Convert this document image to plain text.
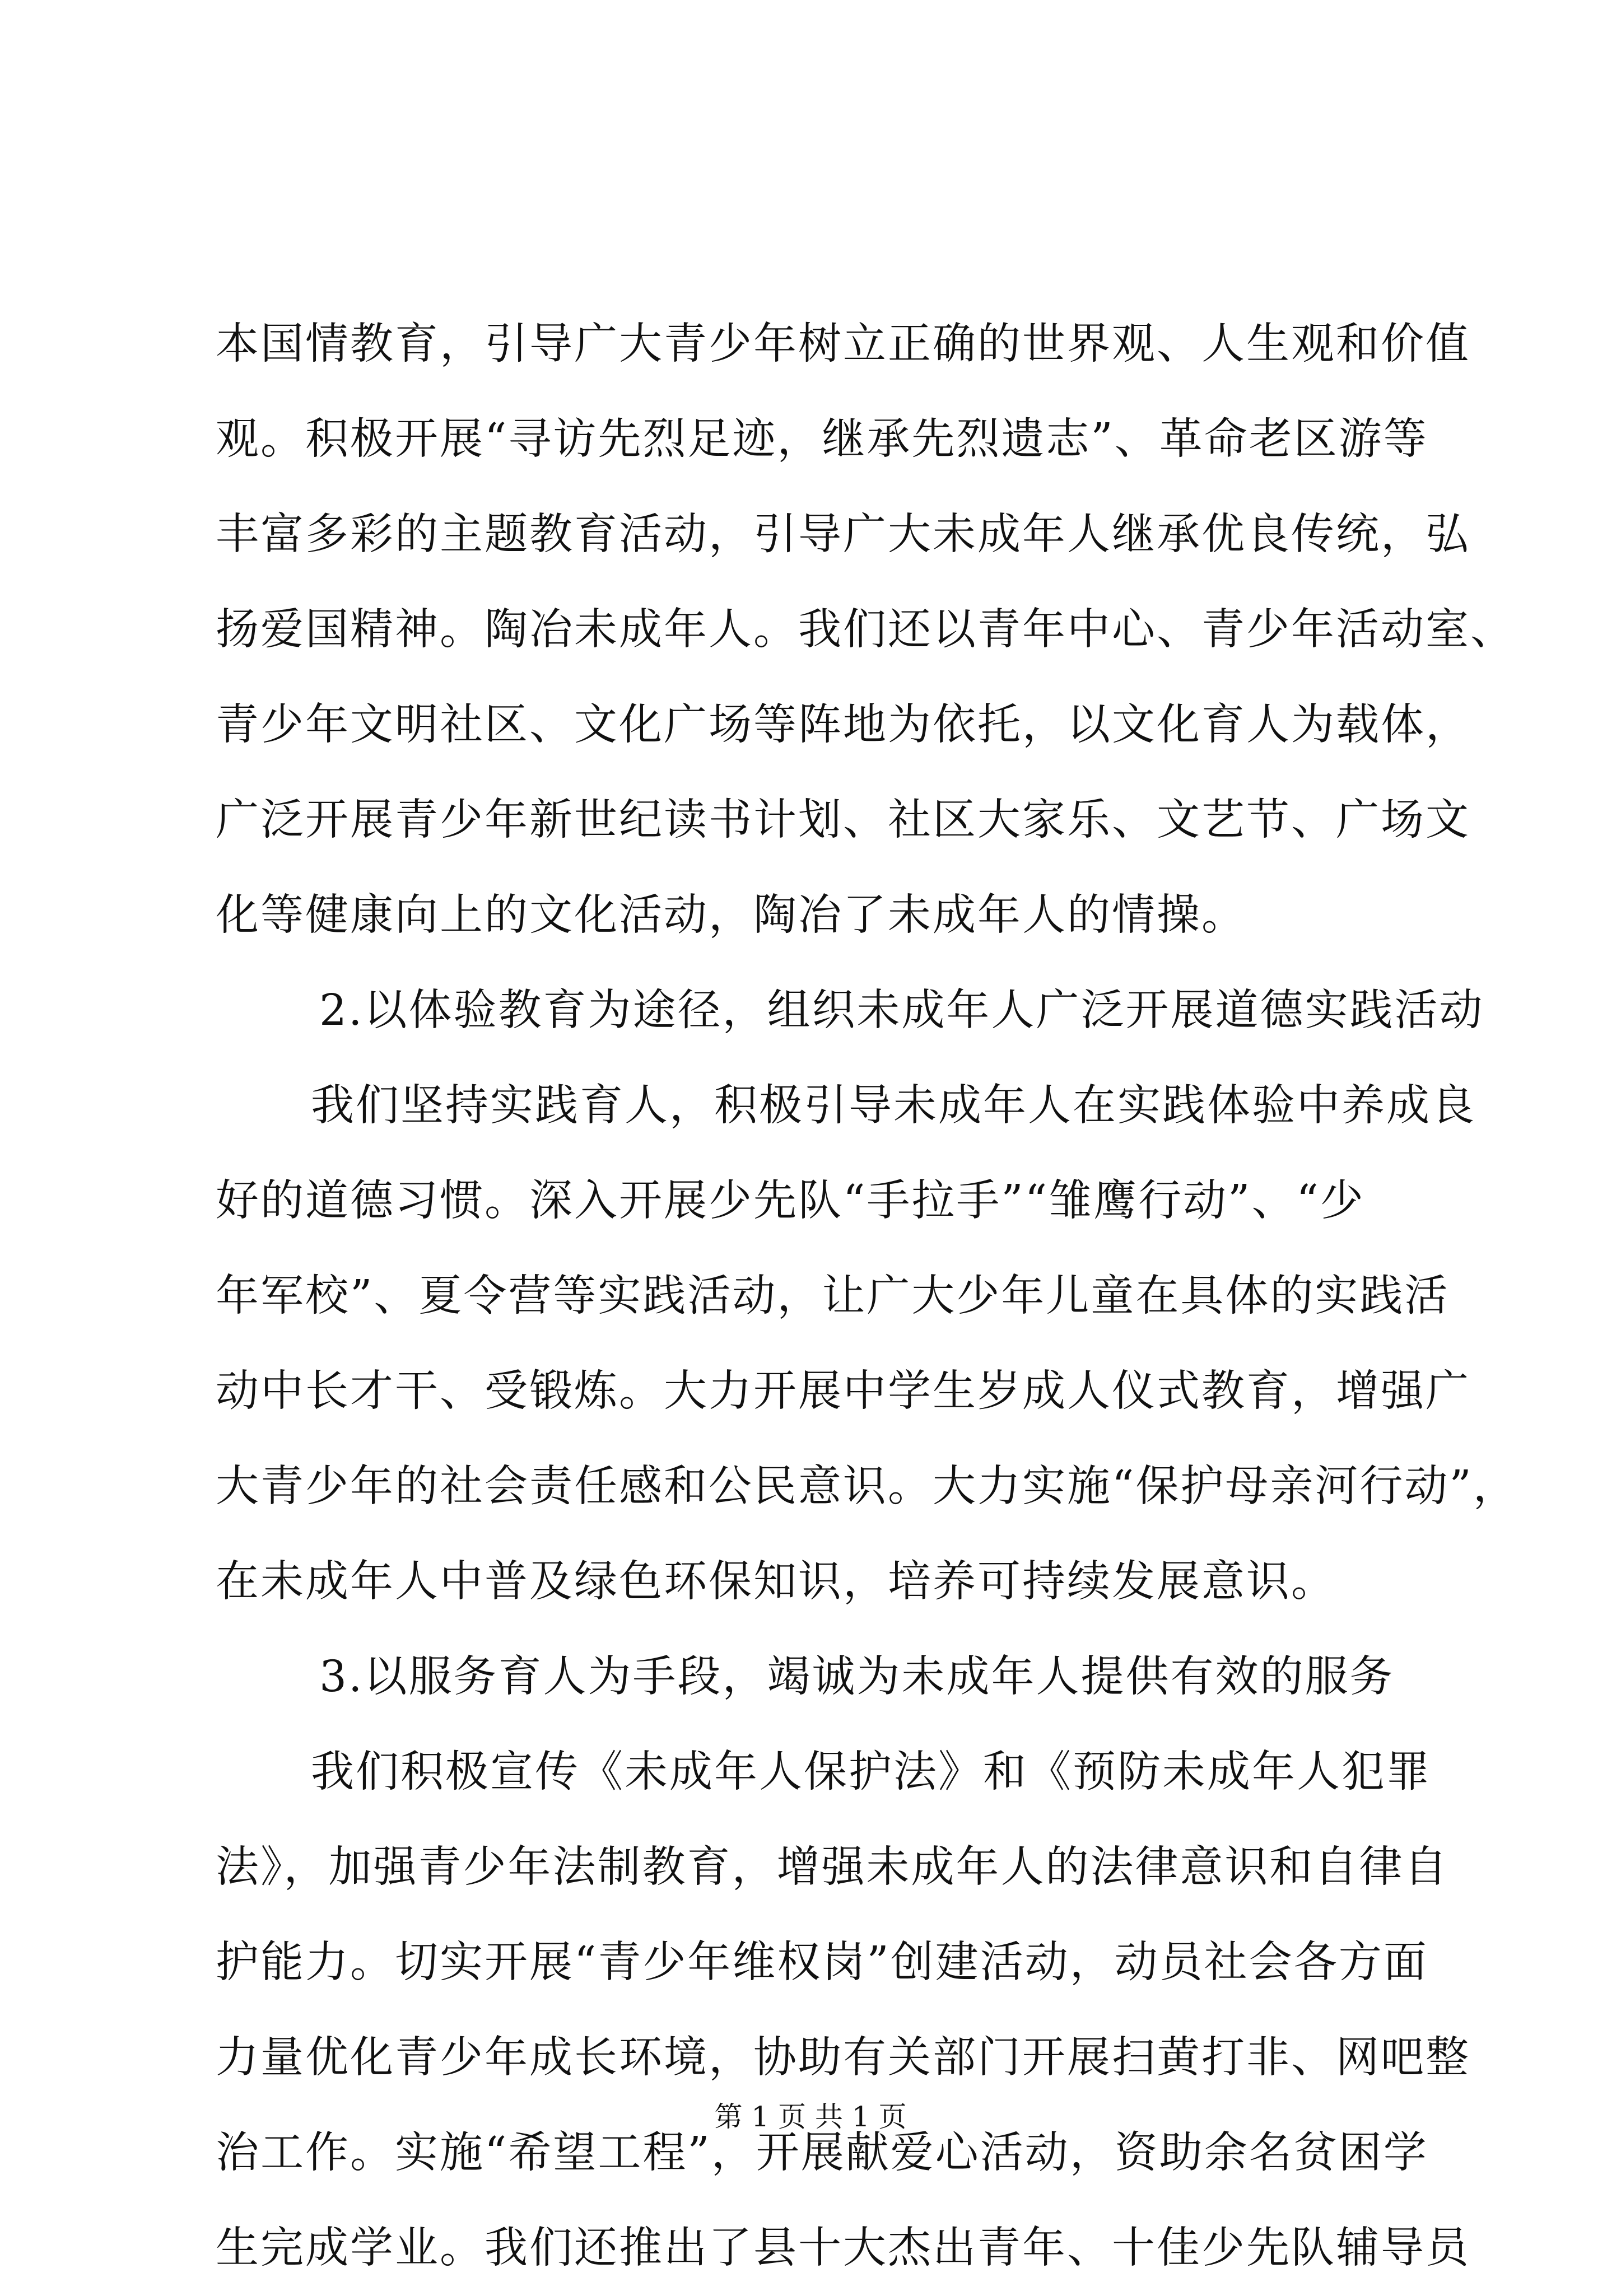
本国情教育，引导广大青少年树立正确的世界观、人生观和价值
观。积极开展“寻访先烈足迹，继承先烈遗志”、革命老区游等
丰富多彩的主题教育活动，引导广大未成年人继承优良传统，弘
扬爱国精神。陶冶未成年人。我们还以青年中心、青少年活动室、
青少年文明社区、文化广场等阵地为依托，以文化育人为载体，
广泛开展青少年新世纪读书计划、社区大家乐、文艺节、广场文
化等健康向上的文化活动，陶冶了未成年人的情操。
2.以体验教育为途径，组织未成年人广泛开展道德实践活动
我们坚持实践育人，积极引导未成年人在实践体验中养成良
好的道德习惯。深入开展少先队“手拉手”“雏鹰行动”、“少
年军校”、夏令营等实践活动，让广大少年儿童在具体的实践活
动中长才干、受锻炼。大力开展中学生岁成人仪式教育，增强广
大青少年的社会责任感和公民意识。大力实施“保护母亲河行动”，
在未成年人中普及绿色环保知识，培养可持续发展意识。
3.以服务育人为手段，竭诚为未成年人提供有效的服务
我们积极宣传《未成年人保护法》和《预防未成年人犯罪
法》，加强青少年法制教育，增强未成年人的法律意识和自律自
护能力。切实开展“青少年维权岗”创建活动，动员社会各方面
力量优化青少年成长环境，协助有关部门开展扫黄打非、网吧整
治工作。实施“希望工程”，开展献爱心活动，资助余名贫困学
生完成学业。我们还推出了县十大杰出青年、十佳少先队辅导员
第 1 页 共 1 页
